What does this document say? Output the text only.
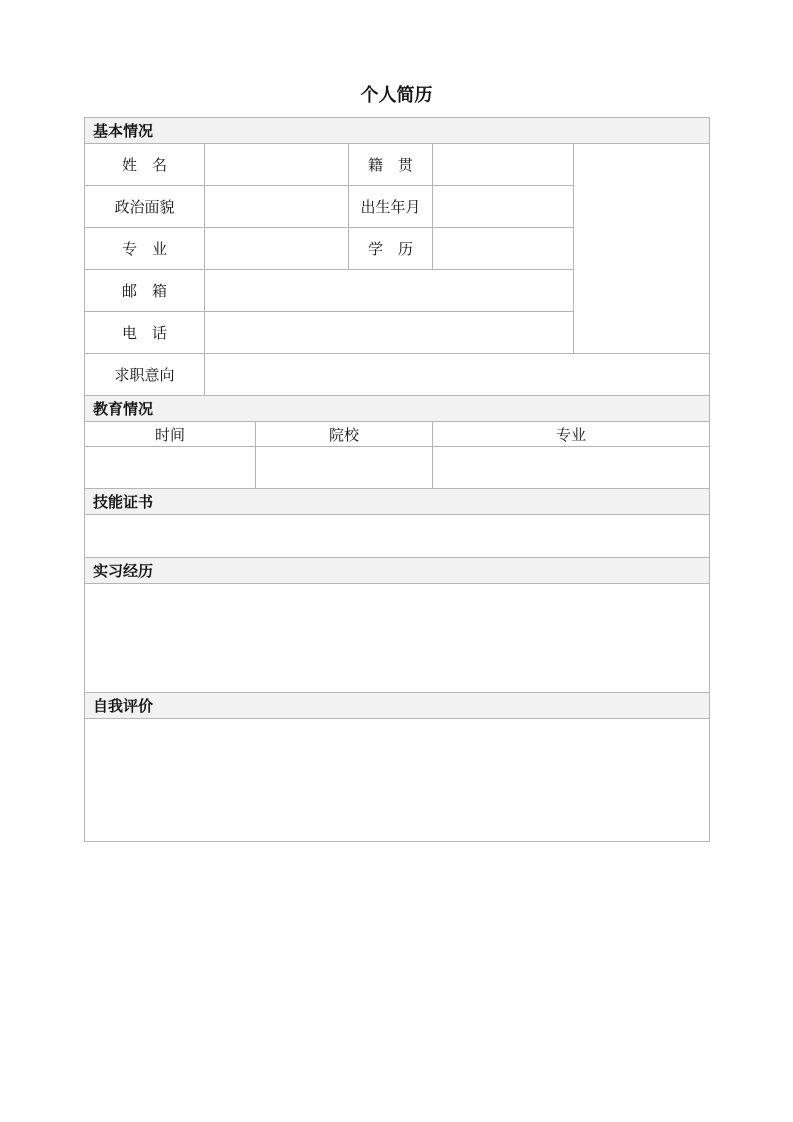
个人简历
基本情况					
姓　名			籍　贯		
政治面貌			出生年月		
专　业			学　历		
邮　箱					
电　话					
求职意向					
教育情况					
时间		院校		专业	

技能证书					

实习经历					

自我评价					
